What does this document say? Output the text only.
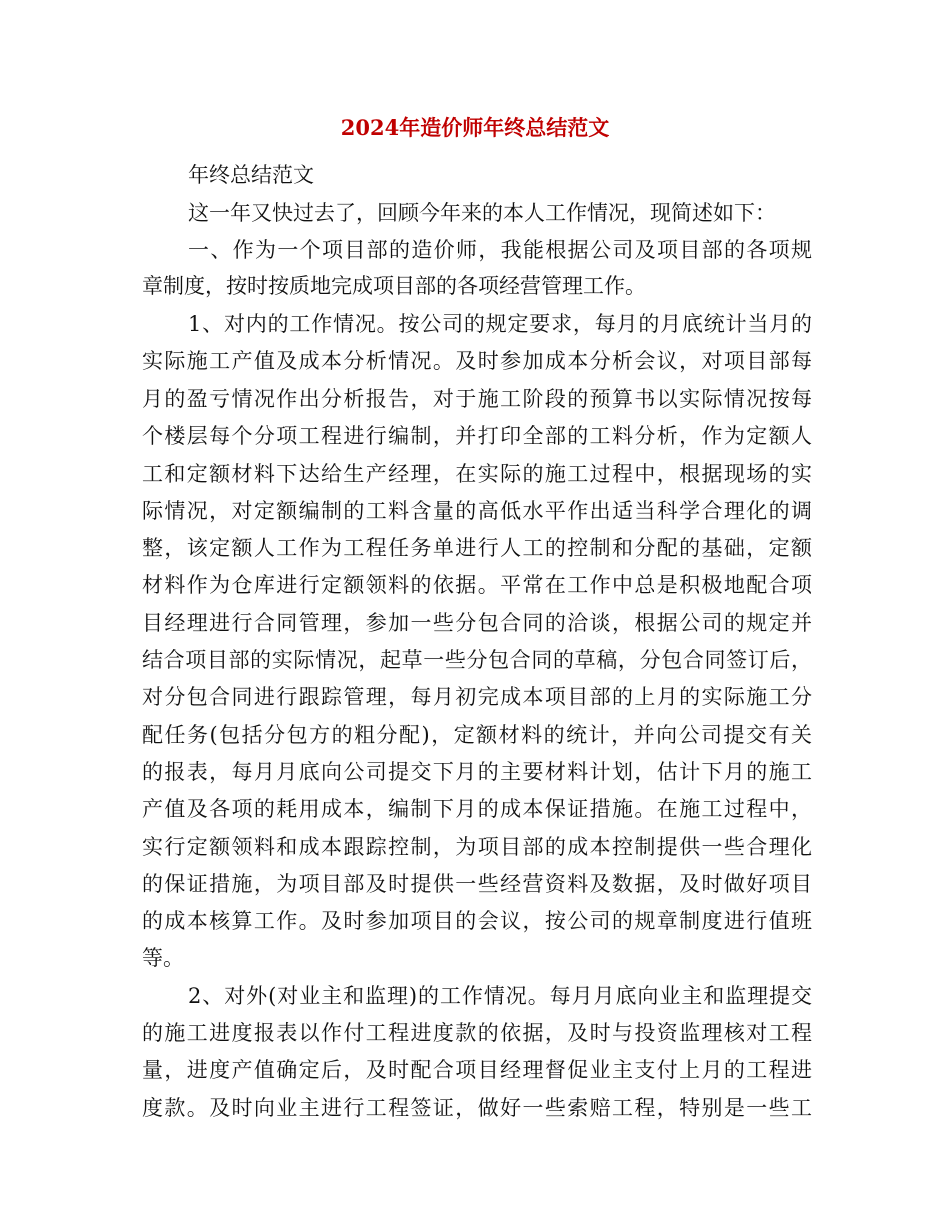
2024年造价师年终总结范文
年终总结范文
这一年又快过去了，回顾今年来的本人工作情况，现简述如下：
一、作为一个项目部的造价师，我能根据公司及项目部的各项规
章制度，按时按质地完成项目部的各项经营管理工作。
1、对内的工作情况。按公司的规定要求，每月的月底统计当月的
实际施工产值及成本分析情况。及时参加成本分析会议，对项目部每
月的盈亏情况作出分析报告，对于施工阶段的预算书以实际情况按每
个楼层每个分项工程进行编制，并打印全部的工料分析，作为定额人
工和定额材料下达给生产经理，在实际的施工过程中，根据现场的实
际情况，对定额编制的工料含量的高低水平作出适当科学合理化的调
整，该定额人工作为工程任务单进行人工的控制和分配的基础，定额
材料作为仓库进行定额领料的依据。平常在工作中总是积极地配合项
目经理进行合同管理，参加一些分包合同的洽谈，根据公司的规定并
结合项目部的实际情况，起草一些分包合同的草稿，分包合同签订后，
对分包合同进行跟踪管理，每月初完成本项目部的上月的实际施工分
配任务(包括分包方的粗分配)，定额材料的统计，并向公司提交有关
的报表，每月月底向公司提交下月的主要材料计划，估计下月的施工
产值及各项的耗用成本，编制下月的成本保证措施。在施工过程中，
实行定额领料和成本跟踪控制，为项目部的成本控制提供一些合理化
的保证措施，为项目部及时提供一些经营资料及数据，及时做好项目
的成本核算工作。及时参加项目的会议，按公司的规章制度进行值班
等。
2、对外(对业主和监理)的工作情况。每月月底向业主和监理提交
的施工进度报表以作付工程进度款的依据，及时与投资监理核对工程
量，进度产值确定后，及时配合项目经理督促业主支付上月的工程进
度款。及时向业主进行工程签证，做好一些索赔工程，特别是一些工
